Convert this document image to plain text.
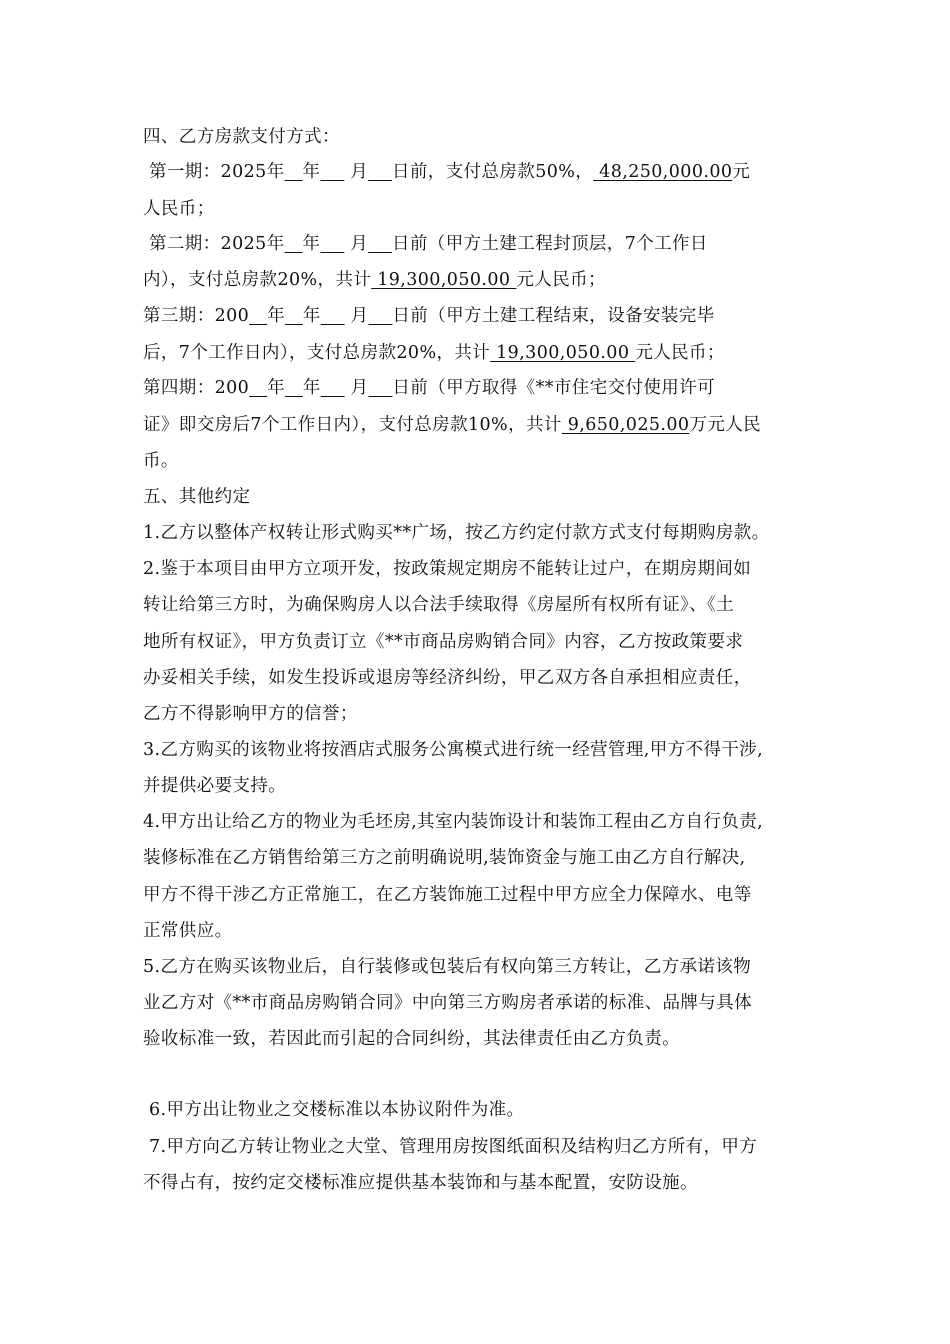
四、乙方房款支付方式：
第一期：2025年 年     月 日前，支付总房款50%， 48,250,000.00元
人民币；
第二期：2025年 年     月 日前（甲方土建工程封顶层，7个工作日
内），支付总房款20%，共计 19,300,050.00 元人民币；
第三期：200 年 年     月 日前（甲方土建工程结束，设备安装完毕
后，7个工作日内），支付总房款20%，共计 19,300,050.00 元人民币；
第四期：200 年 年     月 日前（甲方取得《**市住宅交付使用许可
证》即交房后7个工作日内），支付总房款10%，共计 9,650,025.00万元人民
币。
五、其他约定
1.乙方以整体产权转让形式购买**广场，按乙方约定付款方式支付每期购房款。
2.鉴于本项目由甲方立项开发，按政策规定期房不能转让过户，在期房期间如
转让给第三方时，为确保购房人以合法手续取得《房屋所有权所有证》、《土
地所有权证》，甲方负责订立《**市商品房购销合同》内容，乙方按政策要求
办妥相关手续，如发生投诉或退房等经济纠纷，甲乙双方各自承担相应责任，
乙方不得影响甲方的信誉；
3.乙方购买的该物业将按酒店式服务公寓模式进行统一经营管理,甲方不得干涉,
并提供必要支持。
4.甲方出让给乙方的物业为毛坯房,其室内装饰设计和装饰工程由乙方自行负责,
装修标准在乙方销售给第三方之前明确说明,装饰资金与施工由乙方自行解决,
甲方不得干涉乙方正常施工，在乙方装饰施工过程中甲方应全力保障水、电等
正常供应。
5.乙方在购买该物业后，自行装修或包装后有权向第三方转让，乙方承诺该物
业乙方对《**市商品房购销合同》中向第三方购房者承诺的标准、品牌与具体
验收标准一致，若因此而引起的合同纠纷，其法律责任由乙方负责。
6.甲方出让物业之交楼标准以本协议附件为准。
7.甲方向乙方转让物业之大堂、管理用房按图纸面积及结构归乙方所有，甲方
不得占有，按约定交楼标准应提供基本装饰和与基本配置，安防设施。
